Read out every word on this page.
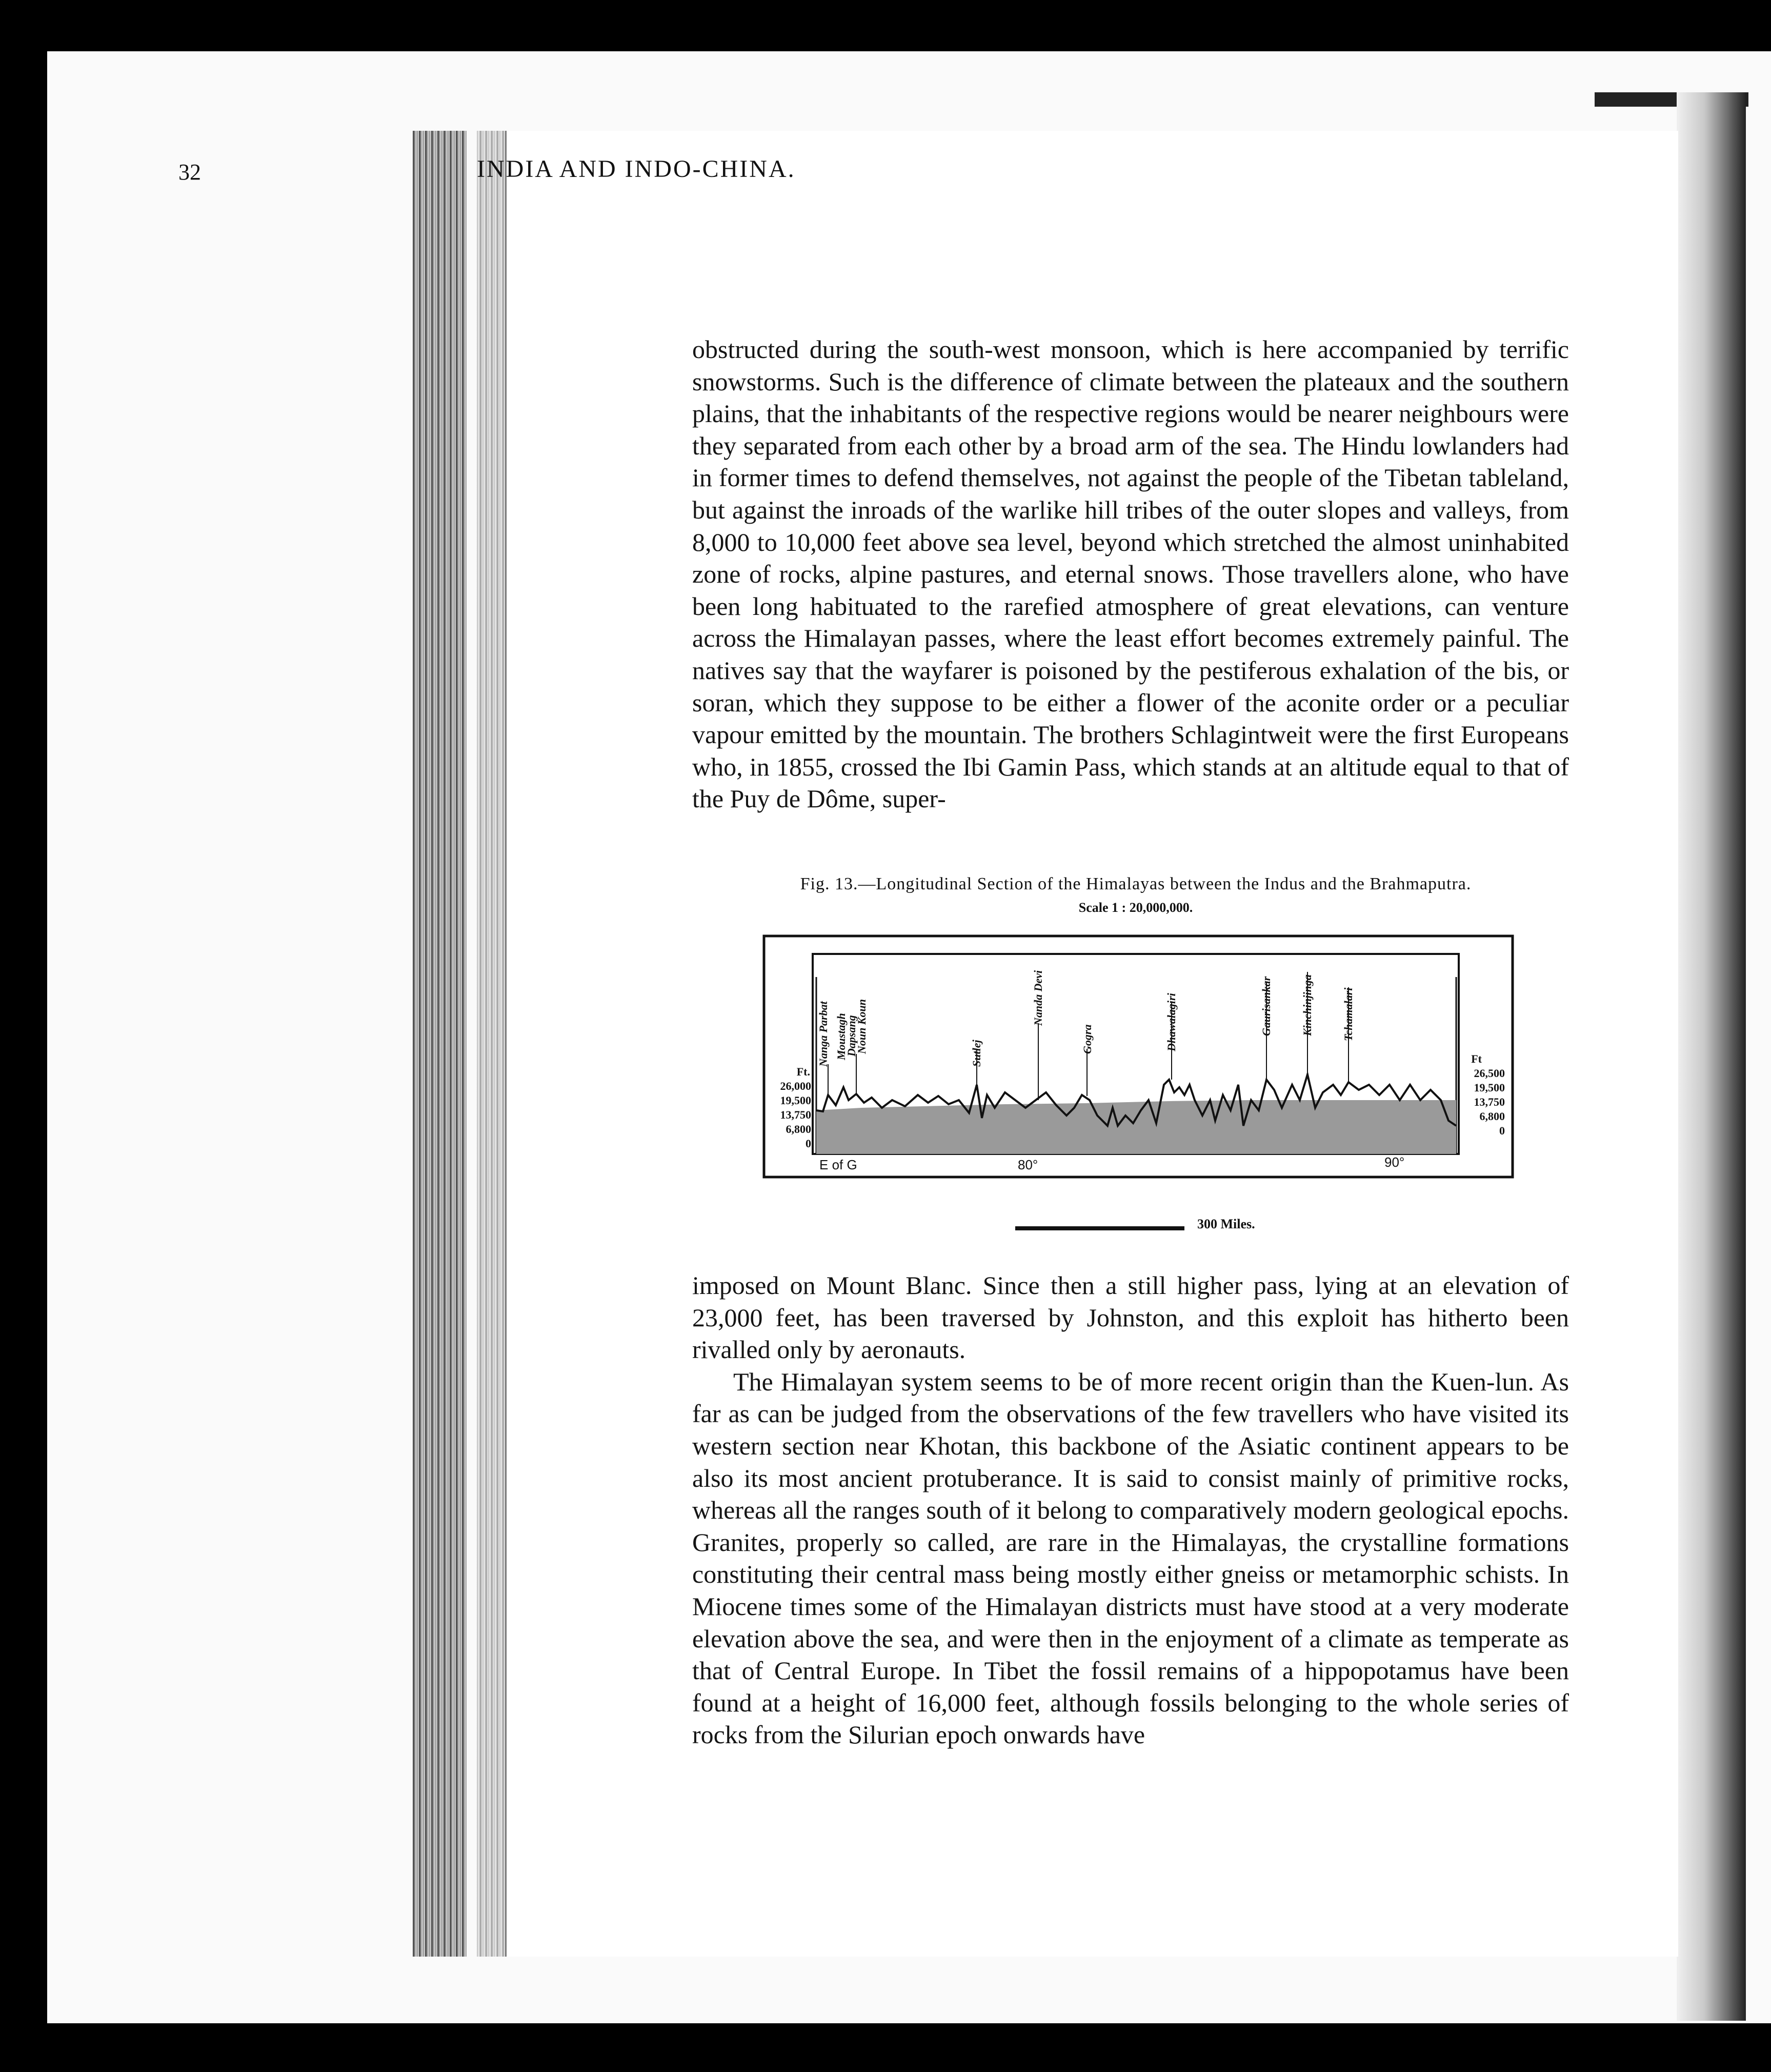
32	INDIA AND INDO-CHINA.

obstructed during the south-west monsoon, which is here accompanied by terrific snowstorms. Such is the difference of climate between the plateaux and the southern plains, that the inhabitants of the respective regions would be nearer neighbours were they separated from each other by a broad arm of the sea. The Hindu lowlanders had in former times to defend themselves, not against the people of the Tibetan tableland, but against the inroads of the warlike hill tribes of the outer slopes and valleys, from 8,000 to 10,000 feet above sea level, beyond which stretched the almost uninhabited zone of rocks, alpine pastures, and eternal snows. Those travellers alone, who have been long habituated to the rarefied atmosphere of great elevations, can venture across the Himalayan passes, where the least effort becomes extremely painful. The natives say that the wayfarer is poisoned by the pestiferous exhalation of the bis, or soran, which they suppose to be either a flower of the aconite order or a peculiar vapour emitted by the mountain. The brothers Schlagintweit were the first Europeans who, in 1855, crossed the Ibi Gamin Pass, which stands at an altitude equal to that of the Puy de Dôme, super-

Fig. 13.—Longitudinal Section of the Himalayas between the Indus and the Brahmaputra.
Scale 1 : 20,000,000.
Nanga Parbat Moustagh
Dapsang
Noun Koun	Sutlej
Nanda Devi
Gogra	Dhawalagiri	Gaurisankar	Kinchinjinga	Tchamalari
Ft.
26,000
19,500
13,750
6,800
0
Ft
26,500
19,500
13,750
6,800
0
E of G	80°	90°
300 Miles.

imposed on Mount Blanc. Since then a still higher pass, lying at an elevation of 23,000 feet, has been traversed by Johnston, and this exploit has hitherto been rivalled only by aeronauts.

The Himalayan system seems to be of more recent origin than the Kuen-lun. As far as can be judged from the observations of the few travellers who have visited its western section near Khotan, this backbone of the Asiatic continent appears to be also its most ancient protuberance. It is said to consist mainly of primitive rocks, whereas all the ranges south of it belong to comparatively modern geological epochs. Granites, properly so called, are rare in the Himalayas, the crystalline formations constituting their central mass being mostly either gneiss or metamorphic schists. In Miocene times some of the Himalayan districts must have stood at a very moderate elevation above the sea, and were then in the enjoyment of a climate as temperate as that of Central Europe. In Tibet the fossil remains of a hippopotamus have been found at a height of 16,000 feet, although fossils belonging to the whole series of rocks from the Silurian epoch onwards have
